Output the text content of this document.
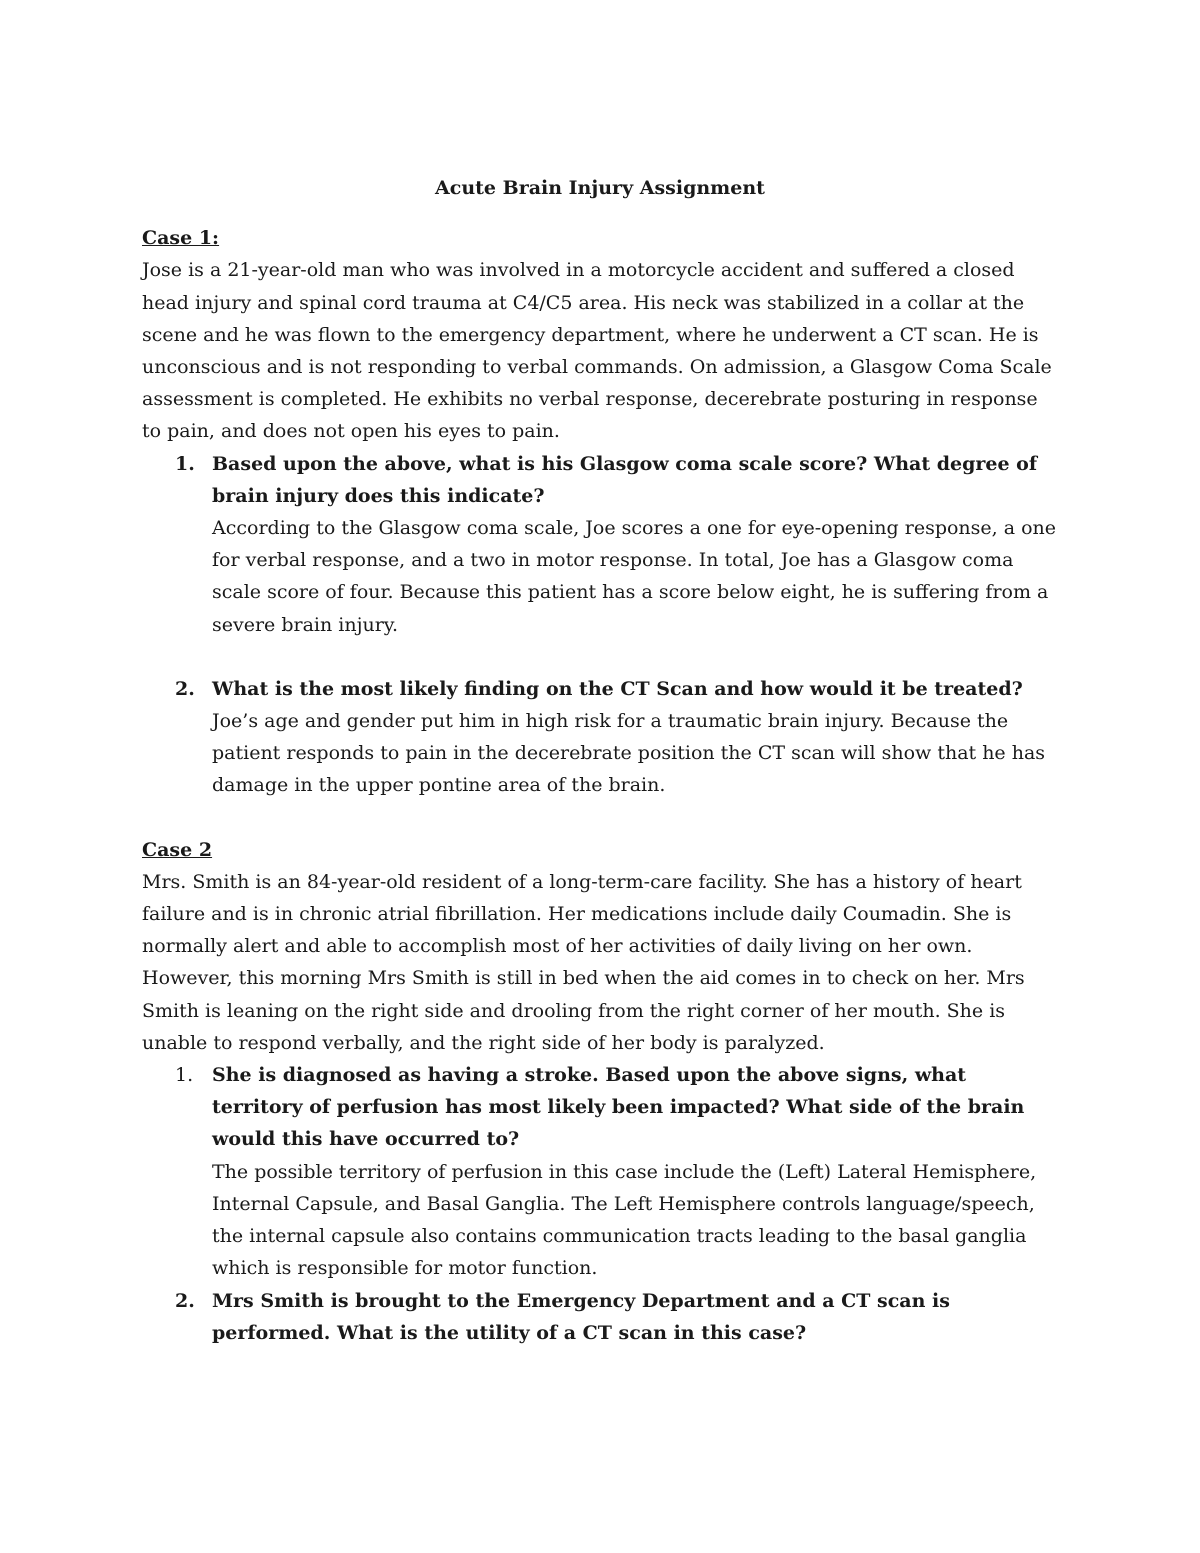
Acute Brain Injury Assignment

Case 1:

Jose is a 21-year-old man who was involved in a motorcycle accident and suffered a closed head injury and spinal cord trauma at C4/C5 area. His neck was stabilized in a collar at the scene and he was flown to the emergency department, where he underwent a CT scan. He is unconscious and is not responding to verbal commands. On admission, a Glasgow Coma Scale assessment is completed. He exhibits no verbal response, decerebrate posturing in response to pain, and does not open his eyes to pain.

1. Based upon the above, what is his Glasgow coma scale score? What degree of brain injury does this indicate?

According to the Glasgow coma scale, Joe scores a one for eye-opening response, a one for verbal response, and a two in motor response. In total, Joe has a Glasgow coma scale score of four. Because this patient has a score below eight, he is suffering from a severe brain injury.

2. What is the most likely finding on the CT Scan and how would it be treated?

Joe’s age and gender put him in high risk for a traumatic brain injury. Because the patient responds to pain in the decerebrate position the CT scan will show that he has damage in the upper pontine area of the brain.

Case 2

Mrs. Smith is an 84-year-old resident of a long-term-care facility. She has a history of heart failure and is in chronic atrial fibrillation. Her medications include daily Coumadin. She is normally alert and able to accomplish most of her activities of daily living on her own. However, this morning Mrs Smith is still in bed when the aid comes in to check on her. Mrs Smith is leaning on the right side and drooling from the right corner of her mouth. She is unable to respond verbally, and the right side of her body is paralyzed.

1. She is diagnosed as having a stroke. Based upon the above signs, what territory of perfusion has most likely been impacted? What side of the brain would this have occurred to?

The possible territory of perfusion in this case include the (Left) Lateral Hemisphere, Internal Capsule, and Basal Ganglia. The Left Hemisphere controls language/speech, the internal capsule also contains communication tracts leading to the basal ganglia which is responsible for motor function.

2. Mrs Smith is brought to the Emergency Department and a CT scan is performed. What is the utility of a CT scan in this case?
